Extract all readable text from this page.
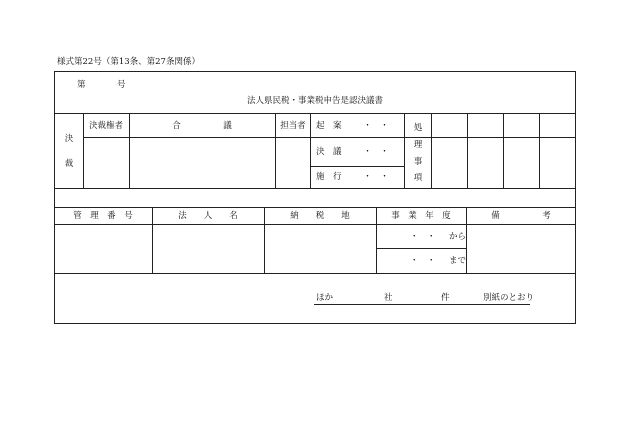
様式第22号（第13条、第27条関係）
第	号
法人県民税・事業税申告是認決議書
決
裁
決裁権者	合　　　　　議	担当者 起　案	・　・
決　議	・　・
施　行	・　・
処
理
事
項
管　理　番　号	法　　人　　名	納　　税　　地	事　業　年　度	備　　　　　考
・　・ から
・　・ まで
ほか	社	件	別紙のとおり
